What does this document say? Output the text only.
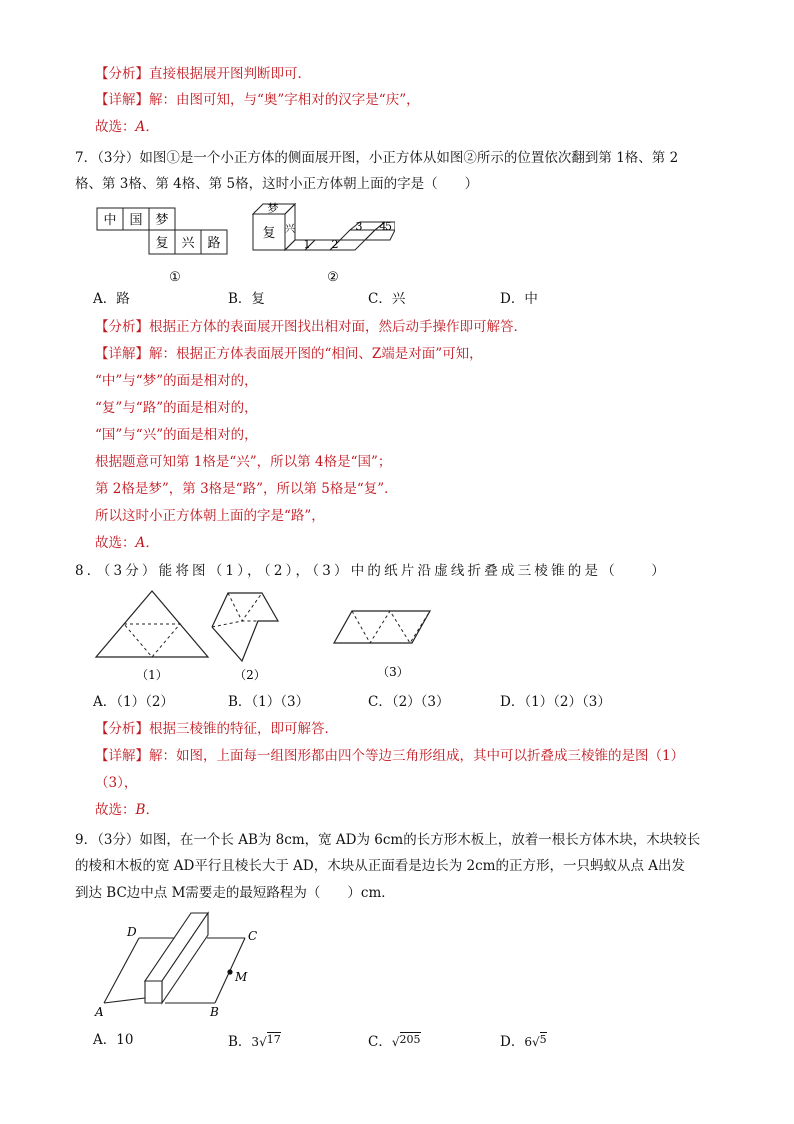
【分析】直接根据展开图判断即可．
【详解】解：由图可知，与“奥”字相对的汉字是“庆”，
故选：A．
7．（3分）如图①是一个小正方体的侧面展开图，小正方体从如图②所示的位置依次翻到第 1格、第 2
格、第 3格、第 4格、第 5格，这时小正方体朝上面的字是（　　）
中 国 梦
复 兴 路
①
梦
复 兴
1 2
3 4
5
②
A．路	B．复	C．兴	D．中
【分析】根据正方体的表面展开图找出相对面，然后动手操作即可解答．
【详解】解：根据正方体表面展开图的“相间、Z端是对面”可知，
“中”与“梦”的面是相对的，
“复”与“路”的面是相对的，
“国”与“兴”的面是相对的，
根据题意可知第 1格是“兴”，所以第 4格是“国”；
第 2格是梦”，第 3格是“路”，所以第 5格是“复”．
所以这时小正方体朝上面的字是“路”，
故选：A．
8．（3分）能将图（1），（2），（3）中的纸片沿虚线折叠成三棱锥的是（　　）
（1）	（2）	（3）
A．（1）（2）	B．（1）（3）	C．（2）（3）	D．（1）（2）（3）
【分析】根据三棱锥的特征，即可解答．
【详解】解：如图，上面每一组图形都由四个等边三角形组成，其中可以折叠成三棱锥的是图（1）
（3），
故选：B．
9．（3分）如图，在一个长 AB为 8cm，宽 AD为 6cm的长方形木板上，放着一根长方体木块，木块较长
的棱和木板的宽 AD平行且棱长大于 AD，木块从正面看是边长为 2cm的正方形，一只蚂蚁从点 A出发
到达 BC边中点 M需要走的最短路程为（　　）cm．
D	C
M
A	B
A．10	B．3√$^{17}$	C．√$^{205}$	D．6√$^5$
